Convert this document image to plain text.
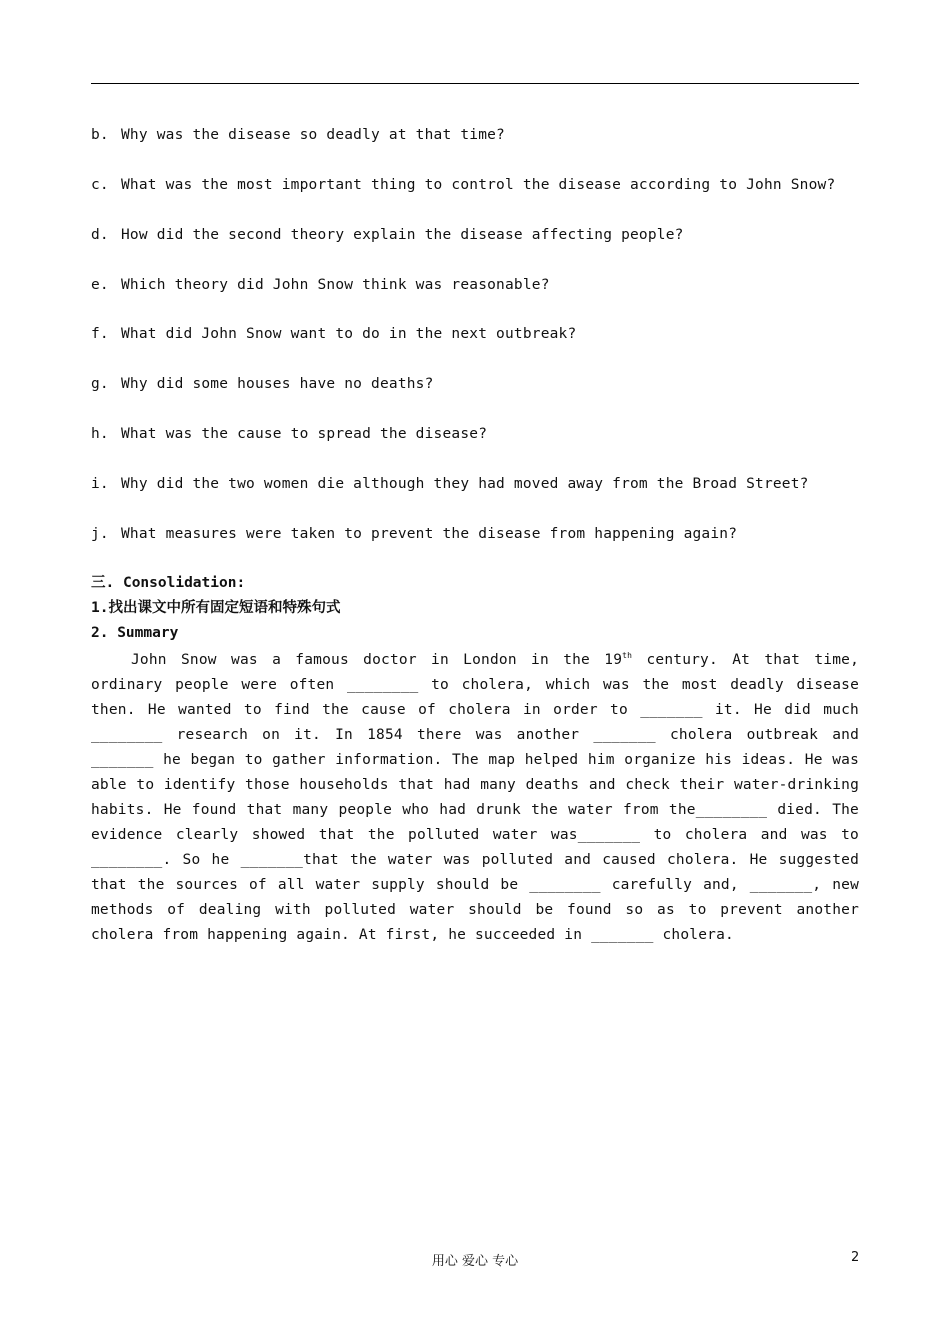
b. Why was the disease so deadly at that time?
c. What was the most important thing to control the disease according to John Snow?
d. How did the second theory explain the disease affecting people?
e. Which theory did John Snow think was reasonable?
f. What did John Snow want to do in the next outbreak?
g. Why did some houses have no deaths?
h. What was the cause to spread the disease?
i. Why did the two women die although they had moved away from the Broad Street?
j. What measures were taken to prevent the disease from happening again?
三. Consolidation:
1.找出课文中所有固定短语和特殊句式
2. Summary
John Snow was a famous doctor in London in the 19th century. At that time, ordinary people were often ________ to cholera, which was the most deadly disease then. He wanted to find the cause of cholera in order to _______ it. He did much ________ research on it. In 1854 there was another _______ cholera outbreak and _______ he began to gather information. The map helped him organize his ideas. He was able to identify those households that had many deaths and check their water-drinking habits. He found that many people who had drunk the water from the________ died. The evidence clearly showed that the polluted water was_______ to cholera and was to ________. So he _______that the water was polluted and caused cholera. He suggested that the sources of all water supply should be ________ carefully and, _______, new methods of dealing with polluted water should be found so as to prevent another cholera from happening again. At first, he succeeded in _______ cholera.
用心 爱心 专心	2
